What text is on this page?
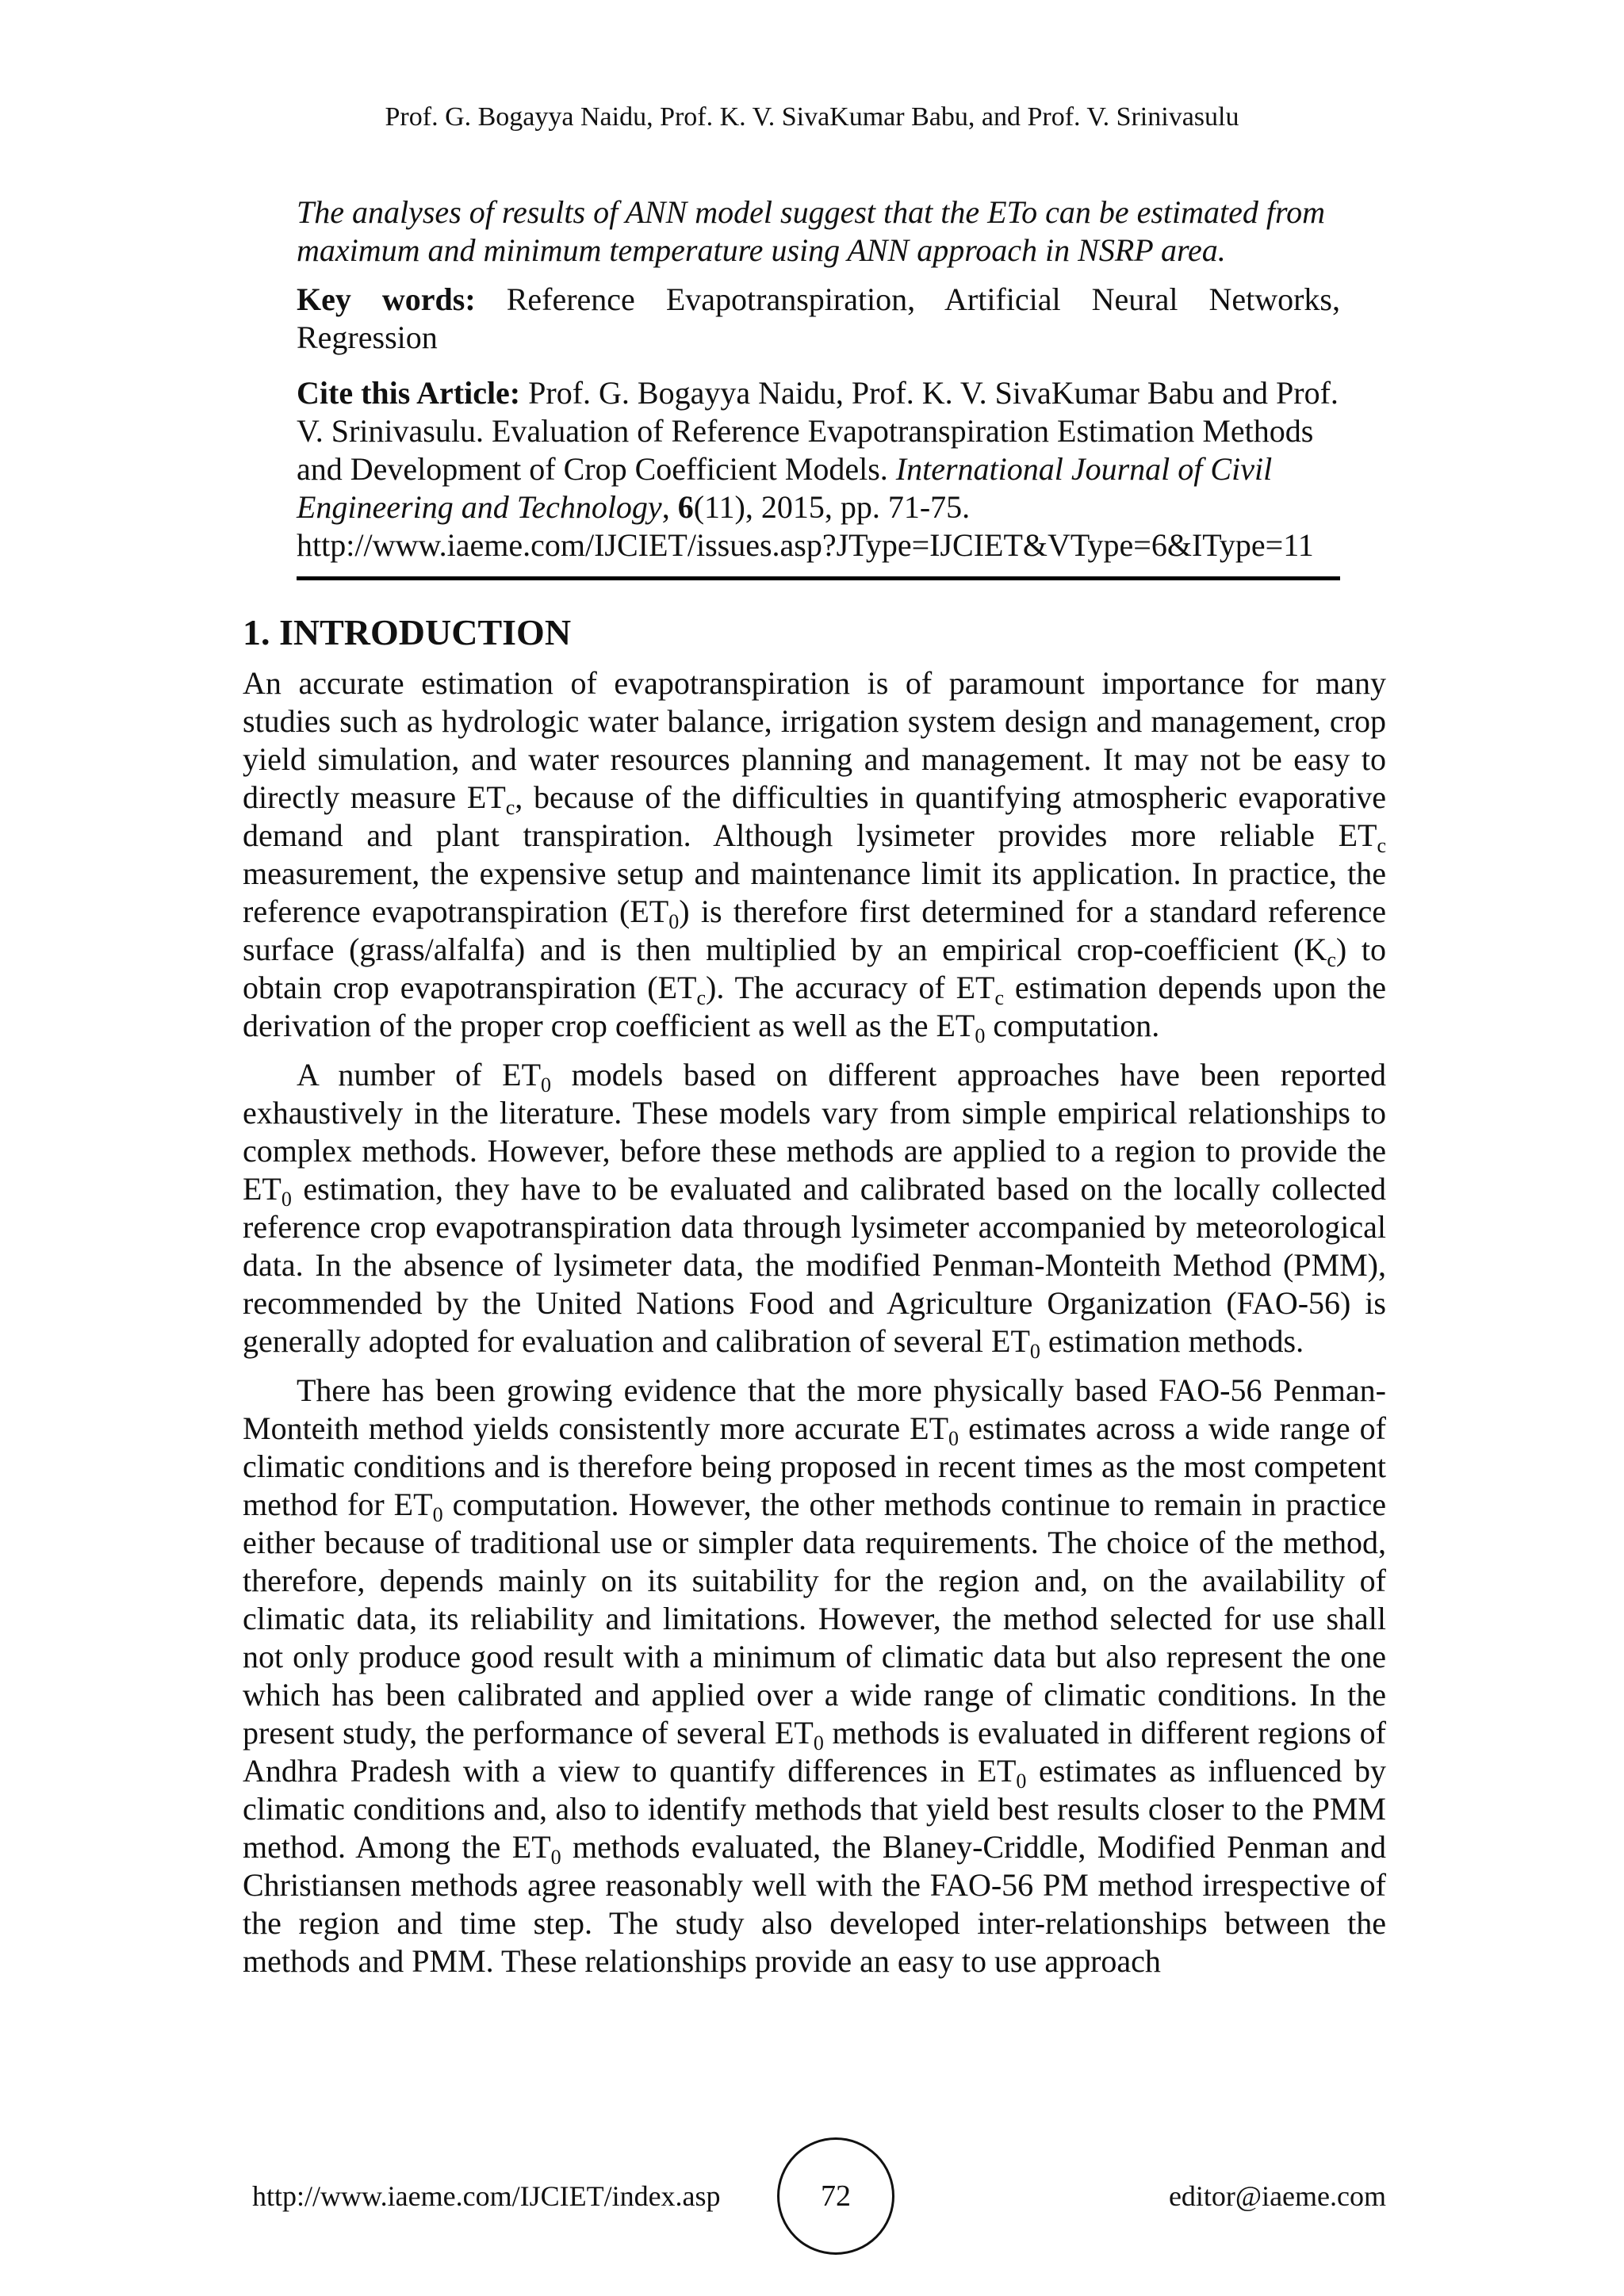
Prof. G. Bogayya Naidu, Prof. K. V. SivaKumar Babu, and Prof. V. Srinivasulu

The analyses of results of ANN model suggest that the ETo can be estimated from maximum and minimum temperature using ANN approach in NSRP area.

Key words: Reference Evapotranspiration, Artificial Neural Networks, Regression

Cite this Article: Prof. G. Bogayya Naidu, Prof. K. V. SivaKumar Babu and Prof. V. Srinivasulu. Evaluation of Reference Evapotranspiration Estimation Methods and Development of Crop Coefficient Models. International Journal of Civil Engineering and Technology, 6(11), 2015, pp. 71-75.
http://www.iaeme.com/IJCIET/issues.asp?JType=IJCIET&VType=6&IType=11

1. INTRODUCTION

An accurate estimation of evapotranspiration is of paramount importance for many studies such as hydrologic water balance, irrigation system design and management, crop yield simulation, and water resources planning and management. It may not be easy to directly measure $ET_c$, because of the difficulties in quantifying atmospheric evaporative demand and plant transpiration. Although lysimeter provides more reliable $ET_c$ measurement, the expensive setup and maintenance limit its application. In practice, the reference evapotranspiration $(ET_0)$ is therefore first determined for a standard reference surface (grass/alfalfa) and is then multiplied by an empirical crop-coefficient $(K_c)$ to obtain crop evapotranspiration $(ET_c)$. The accuracy of $ET_c$ estimation depends upon the derivation of the proper crop coefficient as well as the $ET_0$ computation.

A number of $ET_0$ models based on different approaches have been reported exhaustively in the literature. These models vary from simple empirical relationships to complex methods. However, before these methods are applied to a region to provide the $ET_0$ estimation, they have to be evaluated and calibrated based on the locally collected reference crop evapotranspiration data through lysimeter accompanied by meteorological data. In the absence of lysimeter data, the modified Penman-Monteith Method (PMM), recommended by the United Nations Food and Agriculture Organization (FAO-56) is generally adopted for evaluation and calibration of several $ET_0$ estimation methods.

There has been growing evidence that the more physically based FAO-56 Penman-Monteith method yields consistently more accurate $ET_0$ estimates across a wide range of climatic conditions and is therefore being proposed in recent times as the most competent method for $ET_0$ computation. However, the other methods continue to remain in practice either because of traditional use or simpler data requirements. The choice of the method, therefore, depends mainly on its suitability for the region and, on the availability of climatic data, its reliability and limitations. However, the method selected for use shall not only produce good result with a minimum of climatic data but also represent the one which has been calibrated and applied over a wide range of climatic conditions. In the present study, the performance of several $ET_0$ methods is evaluated in different regions of Andhra Pradesh with a view to quantify differences in $ET_0$ estimates as influenced by climatic conditions and, also to identify methods that yield best results closer to the PMM method. Among the $ET_0$ methods evaluated, the Blaney-Criddle, Modified Penman and Christiansen methods agree reasonably well with the FAO-56 PM method irrespective of the region and time step. The study also developed inter-relationships between the methods and PMM. These relationships provide an easy to use approach

http://www.iaeme.com/IJCIET/index.asp	72	editor@iaeme.com
